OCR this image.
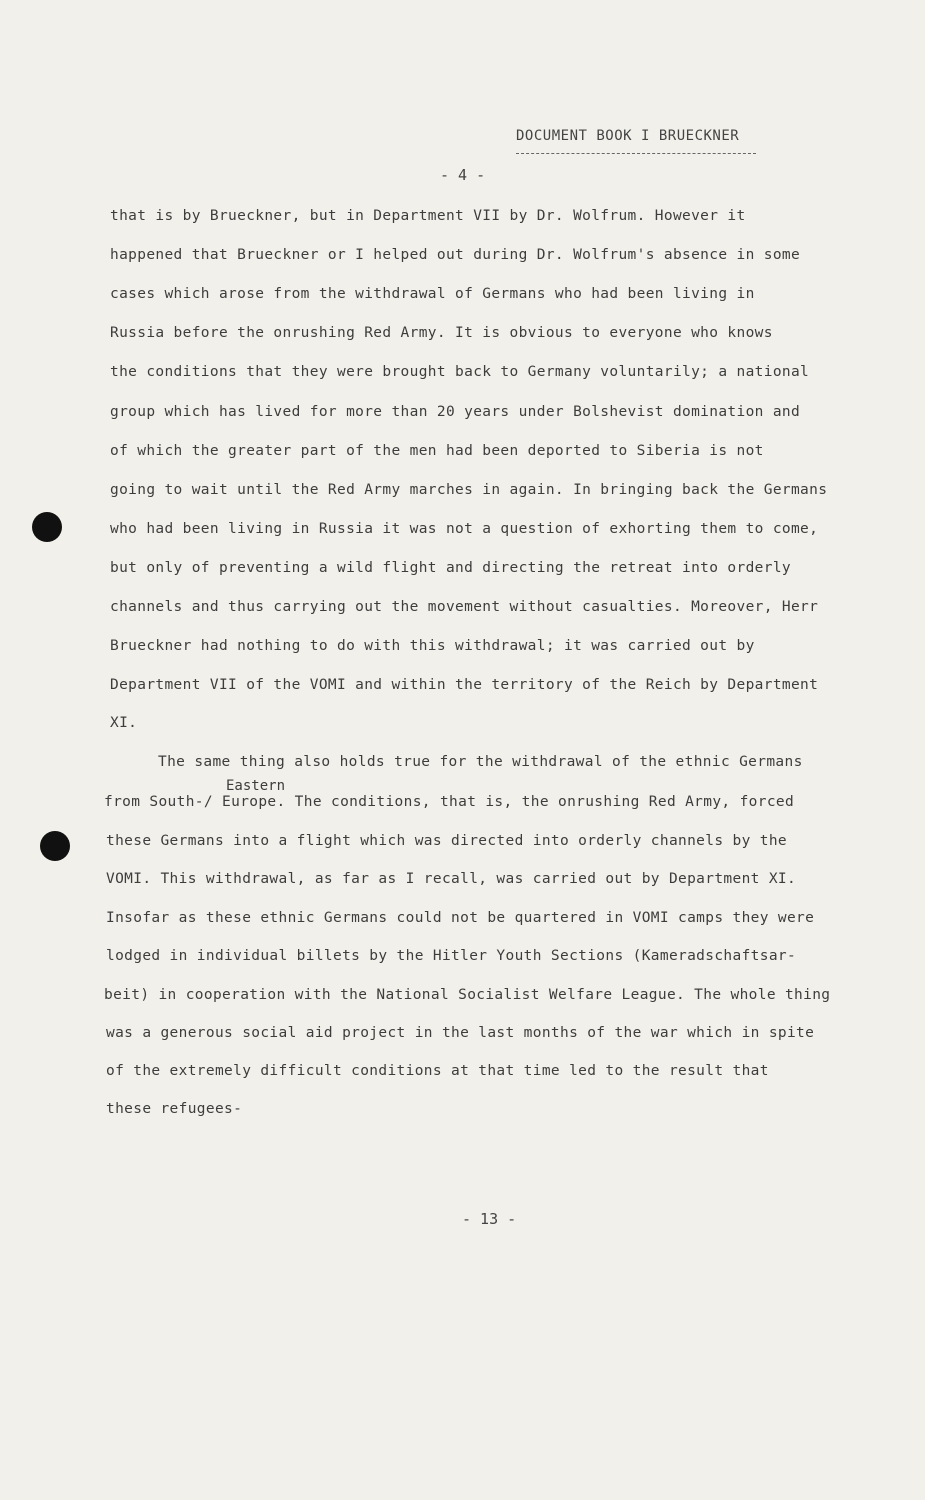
DOCUMENT BOOK I BRUECKNER
- 4 -
that is by Brueckner, but in Department VII by Dr. Wolfrum. However it
happened that Brueckner or I helped out during Dr. Wolfrum's absence in some
cases which arose from the withdrawal of Germans who had been living in
Russia before the onrushing Red Army. It is obvious to everyone who knows
the conditions that they were brought back to Germany voluntarily; a national
group which has lived for more than 20 years under Bolshevist domination and
of which the greater part of the men had been deported to Siberia is not
going to wait until the Red Army marches in again. In bringing back the Germans
who had been living in Russia it was not a question of exhorting them to come,
but only of preventing a wild flight and directing the retreat into orderly
channels and thus carrying out the movement without casualties. Moreover, Herr
Brueckner had nothing to do with this withdrawal; it was carried out by
Department VII of the VOMI and within the territory of the Reich by Department
XI.
The same thing also holds true for the withdrawal of the ethnic Germans
Eastern
from South-/ Europe. The conditions, that is, the onrushing Red Army, forced
these Germans into a flight which was directed into orderly channels by the
VOMI. This withdrawal, as far as I recall, was carried out by Department XI.
Insofar as these ethnic Germans could not be quartered in VOMI camps they were
lodged in individual billets by the Hitler Youth Sections (Kameradschaftsar-
beit) in cooperation with the National Socialist Welfare League. The whole thing
was a generous social aid project in the last months of the war which in spite
of the extremely difficult conditions at that time led to the result that
these refugees-
- 13 -
